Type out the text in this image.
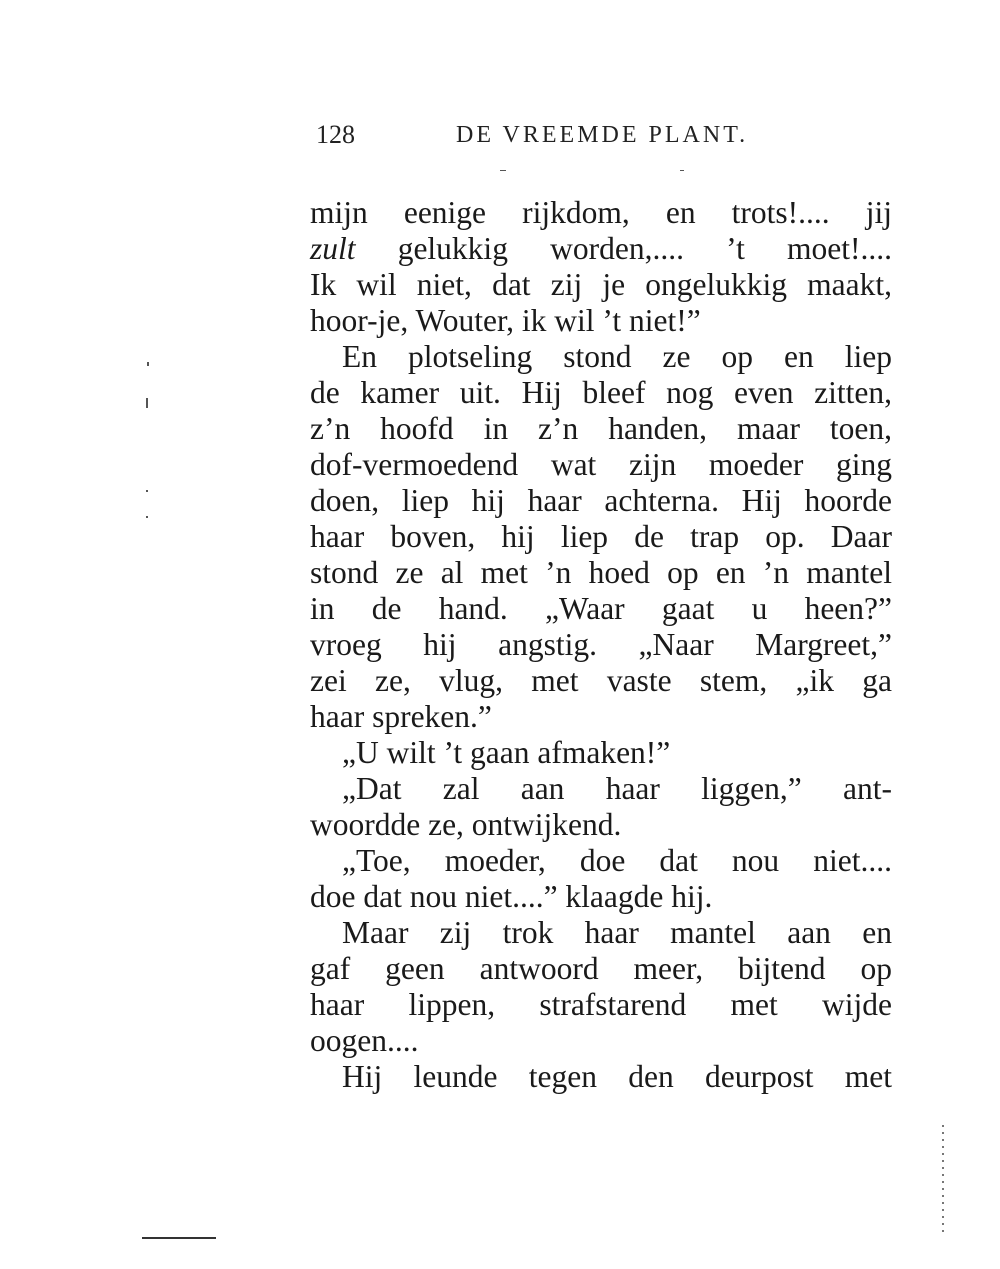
128	DE VREEMDE PLANT.
mijn eenige rijkdom, en trots!.... jij
zult gelukkig worden,.... ’t moet!....
Ik wil niet, dat zij je ongelukkig maakt,
hoor-je, Wouter, ik wil ’t niet!”
En plotseling stond ze op en liep
de kamer uit. Hij bleef nog even zitten,
z’n hoofd in z’n handen, maar toen,
dof-vermoedend wat zijn moeder ging
doen, liep hij haar achterna. Hij hoorde
haar boven, hij liep de trap op. Daar
stond ze al met ’n hoed op en ’n mantel
in de hand. „Waar gaat u heen?”
vroeg hij angstig. „Naar Margreet,”
zei ze, vlug, met vaste stem, „ik ga
haar spreken.”
„U wilt ’t gaan afmaken!”
„Dat zal aan haar liggen,” ant-
woordde ze, ontwijkend.
„Toe, moeder, doe dat nou niet....
doe dat nou niet....” klaagde hij.
Maar zij trok haar mantel aan en
gaf geen antwoord meer, bijtend op
haar lippen, strafstarend met wijde
oogen....
Hij leunde tegen den deurpost met
